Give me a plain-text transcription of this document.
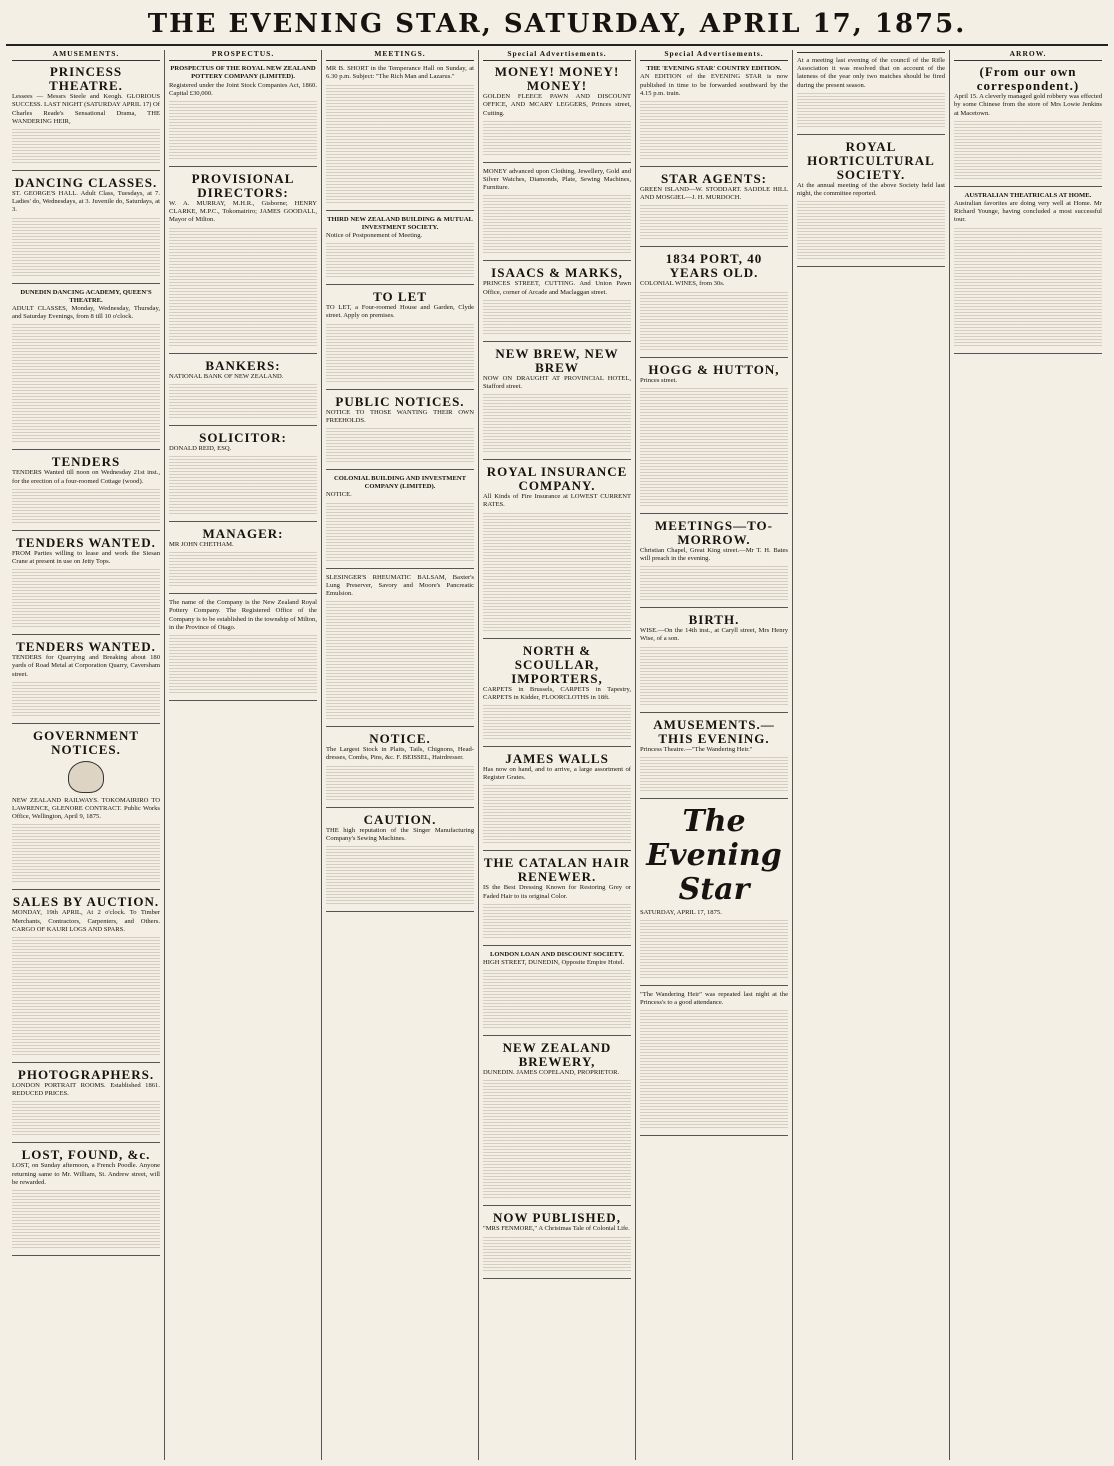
THE EVENING STAR, SATURDAY, APRIL 17, 1875.
AMUSEMENTS.
PRINCESS THEATRE.
Lessees — Messrs Steele and Keogh. GLORIOUS SUCCESS. LAST NIGHT (SATURDAY APRIL 17) Of Charles Reade's Sensational Drama, THE WANDERING HEIR,
DANCING CLASSES.
ST. GEORGE'S HALL. Adult Class, Tuesdays, at 7. Ladies' do, Wednesdays, at 3. Juvenile do, Saturdays, at 3.
DUNEDIN DANCING ACADEMY, QUEEN'S THEATRE.
ADULT CLASSES, Monday, Wednesday, Thursday, and Saturday Evenings, from 8 till 10 o'clock.
TENDERS
TENDERS Wanted till noon on Wednesday 21st inst., for the erection of a four-roomed Cottage (wood).
TENDERS WANTED.
FROM Parties willing to lease and work the Siesan Crane at present in use on Jetty Tops.
TENDERS WANTED.
TENDERS for Quarrying and Breaking about 180 yards of Road Metal at Corporation Quarry, Caversham street.
GOVERNMENT NOTICES.
NEW ZEALAND RAILWAYS. TOKOMAIRIRO TO LAWRENCE, GLENORE CONTRACT. Public Works Office, Wellington, April 9, 1875.
SALES BY AUCTION.
MONDAY, 19th APRIL, At 2 o'clock. To Timber Merchants, Contractors, Carpenters, and Others. CARGO OF KAURI LOGS AND SPARS.
PHOTOGRAPHERS.
LONDON PORTRAIT ROOMS. Established 1861. REDUCED PRICES.
LOST, FOUND, &c.
LOST, on Sunday afternoon, a French Poodle. Anyone returning same to Mr. William, St. Andrew street, will be rewarded.
PROSPECTUS.
PROSPECTUS OF THE ROYAL NEW ZEALAND POTTERY COMPANY (LIMITED).
Registered under the Joint Stock Companies Act, 1860. Capital £30,000.
PROVISIONAL DIRECTORS:
W. A. MURRAY, M.H.R., Gisborne; HENRY CLARKE, M.P.C., Tokomairiro; JAMES GOODALL, Mayor of Milton.
BANKERS:
NATIONAL BANK OF NEW ZEALAND.
SOLICITOR:
DONALD REID, ESQ.
MANAGER:
MR JOHN CHETHAM.
The name of the Company is the New Zealand Royal Pottery Company. The Registered Office of the Company is to be established in the township of Milton, in the Province of Otago.
MEETINGS.
MR B. SHORT in the Temperance Hall on Sunday, at 6.30 p.m. Subject: "The Rich Man and Lazarus."
THIRD NEW ZEALAND BUILDING & MUTUAL INVESTMENT SOCIETY.
Notice of Postponement of Meeting.
TO LET
TO LET, a Four-roomed House and Garden, Clyde street. Apply on premises.
PUBLIC NOTICES.
NOTICE TO THOSE WANTING THEIR OWN FREEHOLDS.
COLONIAL BUILDING AND INVESTMENT COMPANY (LIMITED).
NOTICE.
SLESINGER'S RHEUMATIC BALSAM, Baxter's Lung Preserver, Savory and Moore's Pancreatic Emulsion.
NOTICE.
The Largest Stock in Plaits, Tails, Chignons, Head-dresses, Combs, Pins, &c. F. BEISSEL, Hairdresser.
CAUTION.
THE high reputation of the Singer Manufacturing Company's Sewing Machines.
Special Advertisements.
MONEY! MONEY! MONEY!
GOLDEN FLEECE PAWN AND DISCOUNT OFFICE, AND MCARY LEGGERS, Princes street, Cutting.
MONEY advanced upon Clothing, Jewellery, Gold and Silver Watches, Diamonds, Plate, Sewing Machines, Furniture.
ISAACS & MARKS,
PRINCES STREET, CUTTING. And Union Pawn Office, corner of Arcade and Maclaggan street.
NEW BREW, NEW BREW
NOW ON DRAUGHT AT PROVINCIAL HOTEL, Stafford street.
ROYAL INSURANCE COMPANY.
All Kinds of Fire Insurance at LOWEST CURRENT RATES.
NORTH & SCOULLAR, IMPORTERS,
CARPETS in Brussels, CARPETS in Tapestry, CARPETS in Kidder, FLOORCLOTHS in 18ft.
JAMES WALLS
Has now on hand, and to arrive, a large assortment of Register Grates.
THE CATALAN HAIR RENEWER.
IS the Best Dressing Known for Restoring Grey or Faded Hair to its original Color.
LONDON LOAN AND DISCOUNT SOCIETY.
HIGH STREET, DUNEDIN, Opposite Empire Hotel.
NEW ZEALAND BREWERY,
DUNEDIN. JAMES COPELAND, PROPRIETOR.
NOW PUBLISHED,
"MRS FENMORE," A Christmas Tale of Colonial Life.
Special Advertisements.
THE 'EVENING STAR' COUNTRY EDITION.
AN EDITION of the EVENING STAR is now published in time to be forwarded southward by the 4.15 p.m. train.
STAR AGENTS:
GREEN ISLAND—W. STODDART. SADDLE HILL AND MOSGIEL—J. H. MURDOCH.
1834 PORT, 40 YEARS OLD.
COLONIAL WINES, from 30s.
HOGG & HUTTON,
Princes street.
MEETINGS—TO-MORROW.
Christian Chapel, Great King street.—Mr T. H. Bates will preach in the evening.
BIRTH.
WISE.—On the 14th inst., at Caryll street, Mrs Henry Wise, of a son.
AMUSEMENTS.—THIS EVENING.
Princess Theatre.—"The Wandering Heir."
The Evening Star
SATURDAY, APRIL 17, 1875.
"The Wandering Heir" was repeated last night at the Princess's to a good attendance.
At a meeting last evening of the council of the Rifle Association it was resolved that on account of the lateness of the year only two matches should be fired during the present season.
ROYAL HORTICULTURAL SOCIETY.
At the annual meeting of the above Society held last night, the committee reported.
ARROW.
(From our own correspondent.)
April 15. A cleverly managed gold robbery was effected by some Chinese from the store of Mrs Lowie Jenkins at Macetown.
AUSTRALIAN THEATRICALS AT HOME.
Australian favorites are doing very well at Home. Mr Richard Younge, having concluded a most successful tour.
